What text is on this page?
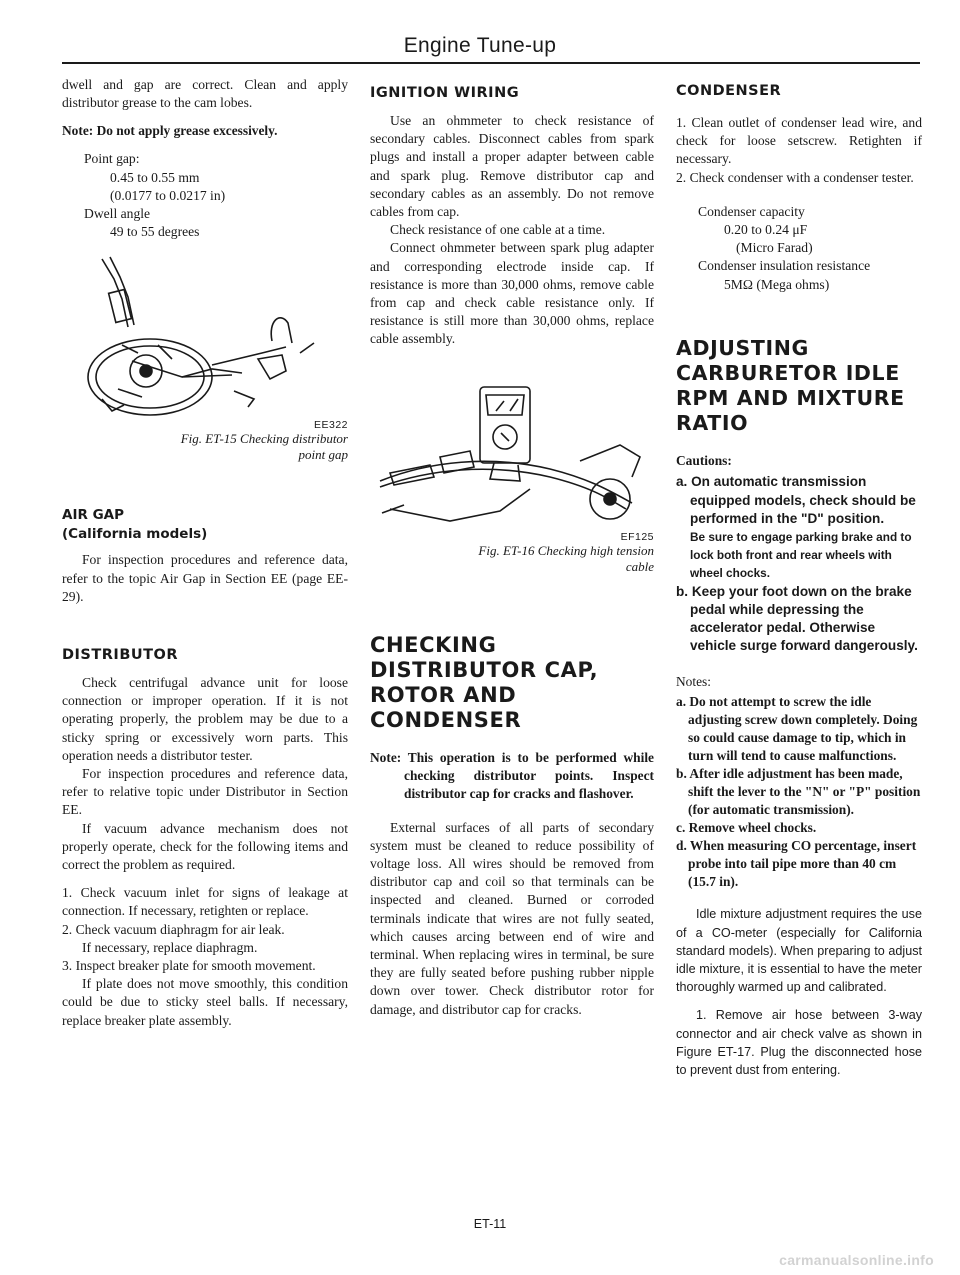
Engine Tune-up

dwell and gap are correct. Clean and apply distributor grease to the cam lobes.

Note: Do not apply grease excessively.

Point gap:
0.45 to 0.55 mm
(0.0177 to 0.0217 in)
Dwell angle
49 to 55 degrees
EE322
Fig. ET-15 Checking distributor
point gap
AIR GAP
(California models)

For inspection procedures and reference data, refer to the topic Air Gap in Section EE (page EE-29).

DISTRIBUTOR

Check centrifugal advance unit for loose connection or improper operation. If it is not operating properly, the problem may be due to a sticky spring or excessively worn parts. This operation needs a distributor tester.

For inspection procedures and reference data, refer to relative topic under Distributor in Section EE.

If vacuum advance mechanism does not properly operate, check for the following items and correct the problem as required.

1. Check vacuum inlet for signs of leakage at connection. If necessary, retighten or replace.

2. Check vacuum diaphragm for air leak.

If necessary, replace diaphragm.

3. Inspect breaker plate for smooth movement.

If plate does not move smoothly, this condition could be due to sticky steel balls. If necessary, replace breaker plate assembly.

IGNITION WIRING

Use an ohmmeter to check resistance of secondary cables. Disconnect cables from spark plugs and install a proper adapter between cable and spark plug. Remove distributor cap and secondary cables as an assembly. Do not remove cables from cap.

Check resistance of one cable at a time.

Connect ohmmeter between spark plug adapter and corresponding electrode inside cap. If resistance is more than 30,000 ohms, remove cable from cap and check cable resistance only. If resistance is still more than 30,000 ohms, replace cable assembly.

EF125
Fig. ET-16 Checking high tension
cable
CHECKING
DISTRIBUTOR CAP,
ROTOR AND
CONDENSER

Note: This operation is to be performed while checking distributor points. Inspect distributor cap for cracks and flashover.

External surfaces of all parts of secondary system must be cleaned to reduce possibility of voltage loss. All wires should be removed from distributor cap and coil so that terminals can be inspected and cleaned. Burned or corroded terminals indicate that wires are not fully seated, which causes arcing between end of wire and terminal. When replacing wires in terminal, be sure they are fully seated before pushing rubber nipple down over tower. Check distributor rotor for damage, and distributor cap for cracks.

CONDENSER

1. Clean outlet of condenser lead wire, and check for loose setscrew. Retighten if necessary.

2. Check condenser with a condenser tester.

Condenser capacity
0.20 to 0.24 μF
(Micro Farad)
Condenser insulation resistance
5MΩ (Mega ohms)
ADJUSTING
CARBURETOR IDLE
RPM AND MIXTURE
RATIO
Cautions:

a. On automatic transmission equipped models, check should be performed in the "D" position.

Be sure to engage parking brake and to lock both front and rear wheels with wheel chocks.

b. Keep your foot down on the brake pedal while depressing the accelerator pedal. Otherwise vehicle surge forward dangerously.

Notes:

a. Do not attempt to screw the idle adjusting screw down completely. Doing so could cause damage to tip, which in turn will tend to cause malfunctions.

b. After idle adjustment has been made, shift the lever to the "N" or "P" position (for automatic transmission).

c. Remove wheel chocks.

d. When measuring CO percentage, insert probe into tail pipe more than 40 cm (15.7 in).

Idle mixture adjustment requires the use of a CO-meter (especially for California standard models). When preparing to adjust idle mixture, it is essential to have the meter thoroughly warmed up and calibrated.

1. Remove air hose between 3-way connector and air check valve as shown in Figure ET-17. Plug the disconnected hose to prevent dust from entering.

ET-11
carmanualsonline.info
